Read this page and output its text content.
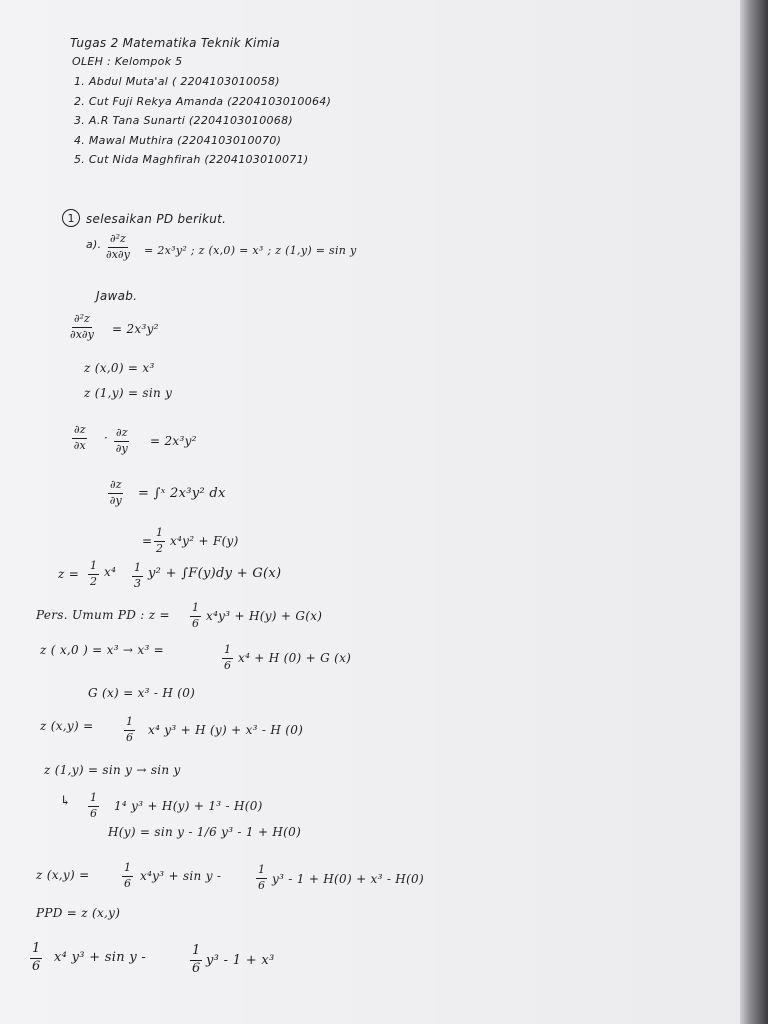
Tugas 2 Matematika Teknik Kimia
OLEH : Kelompok 5
1. Abdul Muta'al ( 2204103010058)
2. Cut Fuji Rekya Amanda (2204103010064)
3. A.R Tana Sunarti (2204103010068)
4. Mawal Muthira (2204103010070)
5. Cut Nida Maghfirah (2204103010071)
1 selesaikan PD berikut.
a). $\frac{\text{∂²z}}{\partial x\partial y} = 2x^3y^2$ ; z (x,0) = x³ ; z (1,y) = sin y
Jawab.
$\frac{\text{∂²z}}{\partial x\partial y} = 2x^3y^2$
z (x,0) = x³
z (1,y) = sin y
$\frac{\partial z}{\partial x} \cdot \frac{\partial z}{\partial y} = 2x^3y^2$
$\frac{\partial z}{\partial y}$ = ∫ˣ 2x³y² dx
= $\frac{1}{2} x^4y^2 + F(y)$
$z = \frac{1}{2} x^4 \frac{1}{3} y^2 + \int F(y)dy + G(x)$
Pers. Umum PD : $z = \frac{1}{6} x^4y^3 + H(y) + G(x)$
z ( x,0 ) = x³ → x³ =	$\frac{1}{6} x^4 + H$ (0) + G (x)
G (x) = x³ - H (0)
z (x,y) =	$\frac{1}{6} x^4$ y³ + H (y) + x³ - H (0)
z (1,y) = sin y → sin y
↳ $\frac{1}{6} 1^4$ y³ + H(y) + 1³ - H(0)
H(y) = sin y - 1/6 y³ - 1 + H(0)
z (x,y) =	$\frac{1}{6} x^4y^3 + \sin y$ -	$\frac{1}{6} y^3 - 1 + H(0) + x^3 - H(0)$
PPD = z (x,y)
$\frac{1}{6} x^4$ y³ + sin y -	$\frac{1}{6} y^3 - 1 + x^3$
